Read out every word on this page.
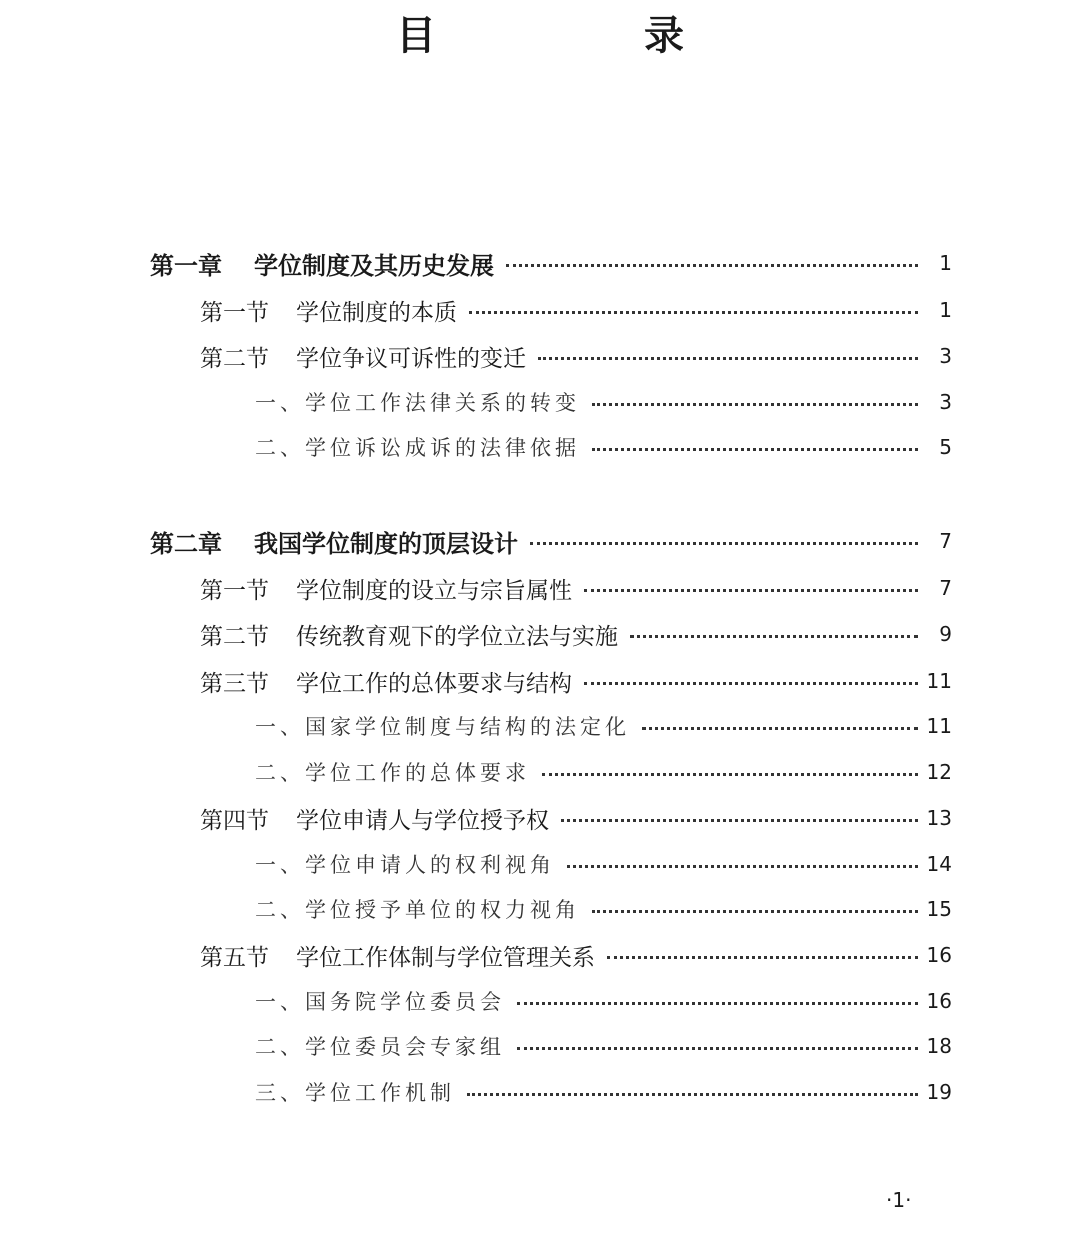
目　录
第一章 学位制度及其历史发展	1
第一节 学位制度的本质	1
第二节 学位争议可诉性的变迁	3
一、学位工作法律关系的转变	3
二、学位诉讼成诉的法律依据	5
第二章 我国学位制度的顶层设计	7
第一节 学位制度的设立与宗旨属性	7
第二节 传统教育观下的学位立法与实施	9
第三节 学位工作的总体要求与结构	11
一、国家学位制度与结构的法定化	11
二、学位工作的总体要求	12
第四节 学位申请人与学位授予权	13
一、学位申请人的权利视角	14
二、学位授予单位的权力视角	15
第五节 学位工作体制与学位管理关系	16
一、国务院学位委员会	16
二、学位委员会专家组	18
三、学位工作机制	19
·1·
